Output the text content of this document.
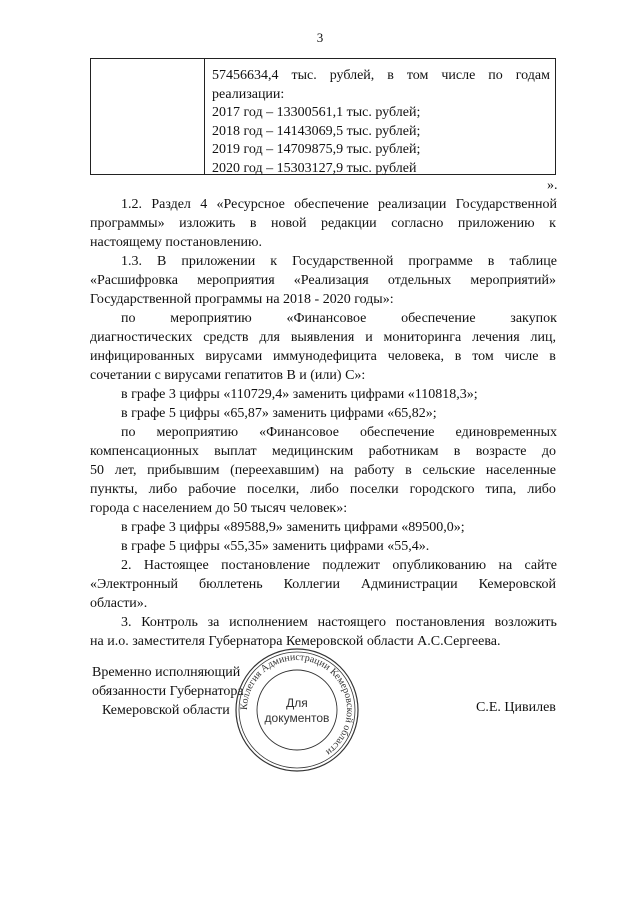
3
57456634,4 тыс. рублей, в том числе по годам
реализации:
2017 год – 13300561,1 тыс. рублей;
2018 год – 14143069,5 тыс. рублей;
2019 год – 14709875,9 тыс. рублей;
2020 год – 15303127,9 тыс. рублей
».
1.2. Раздел 4 «Ресурсное обеспечение реализации Государственной
программы» изложить в новой редакции согласно приложению к
настоящему постановлению.
1.3. В приложении к Государственной программе в таблице
«Расшифровка мероприятия «Реализация отдельных мероприятий»
Государственной программы на 2018 - 2020 годы»:
по мероприятию «Финансовое обеспечение закупок
диагностических средств для выявления и мониторинга лечения лиц,
инфицированных вирусами иммунодефицита человека, в том числе в
сочетании с вирусами гепатитов B и (или) C»:
в графе 3 цифры «110729,4» заменить цифрами «110818,3»;
в графе 5 цифры «65,87» заменить цифрами «65,82»;
по мероприятию «Финансовое обеспечение единовременных
компенсационных выплат медицинским работникам в возрасте до
50 лет, прибывшим (переехавшим) на работу в сельские населенные
пункты, либо рабочие поселки, либо поселки городского типа, либо
города с населением до 50 тысяч человек»:
в графе 3 цифры «89588,9» заменить цифрами «89500,0»;
в графе 5 цифры «55,35» заменить цифрами «55,4».
2. Настоящее постановление подлежит опубликованию на сайте
«Электронный бюллетень Коллегии Администрации Кемеровской
области».
3. Контроль за исполнением настоящего постановления возложить
на и.о. заместителя Губернатора Кемеровской области А.С.Сергеева.
Временно исполняющий
обязанности Губернатора
Кемеровской области	С.Е. Цивилев
Коллегия Администрации Кемеровской области
Для
документов
